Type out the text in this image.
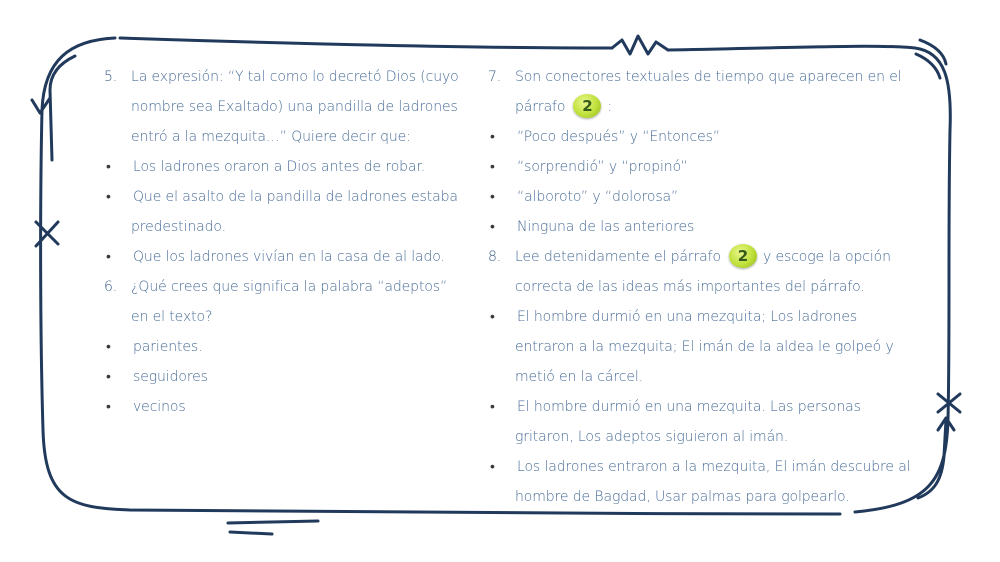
5. La expresión: “Y tal como lo decretó Dios (cuyo
nombre sea Exaltado) una pandilla de ladrones
entró a la mezquita…” Quiere decir que:
•	Los ladrones oraron a Dios antes de robar.
•	Que el asalto de la pandilla de ladrones estaba
predestinado.
•	Que los ladrones vivían en la casa de al lado.
6. ¿Qué crees que significa la palabra “adeptos”
en el texto?
•	parientes.
•	seguidores
•	vecinos
7. Son conectores textuales de tiempo que aparecen en el
párrafo 2 :
•	“Poco después” y “Entonces”
•	“sorprendió” y “propinó”
•	“alboroto” y “dolorosa”
•	Ninguna de las anteriores
8. Lee detenidamente el párrafo 2 y escoge la opción
correcta de las ideas más importantes del párrafo.
•	El hombre durmió en una mezquita; Los ladrones
entraron a la mezquita; El imán de la aldea le golpeó y
metió en la cárcel.
•	El hombre durmió en una mezquita. Las personas
gritaron, Los adeptos siguieron al imán.
•	Los ladrones entraron a la mezquita, El imán descubre al
hombre de Bagdad, Usar palmas para golpearlo.
